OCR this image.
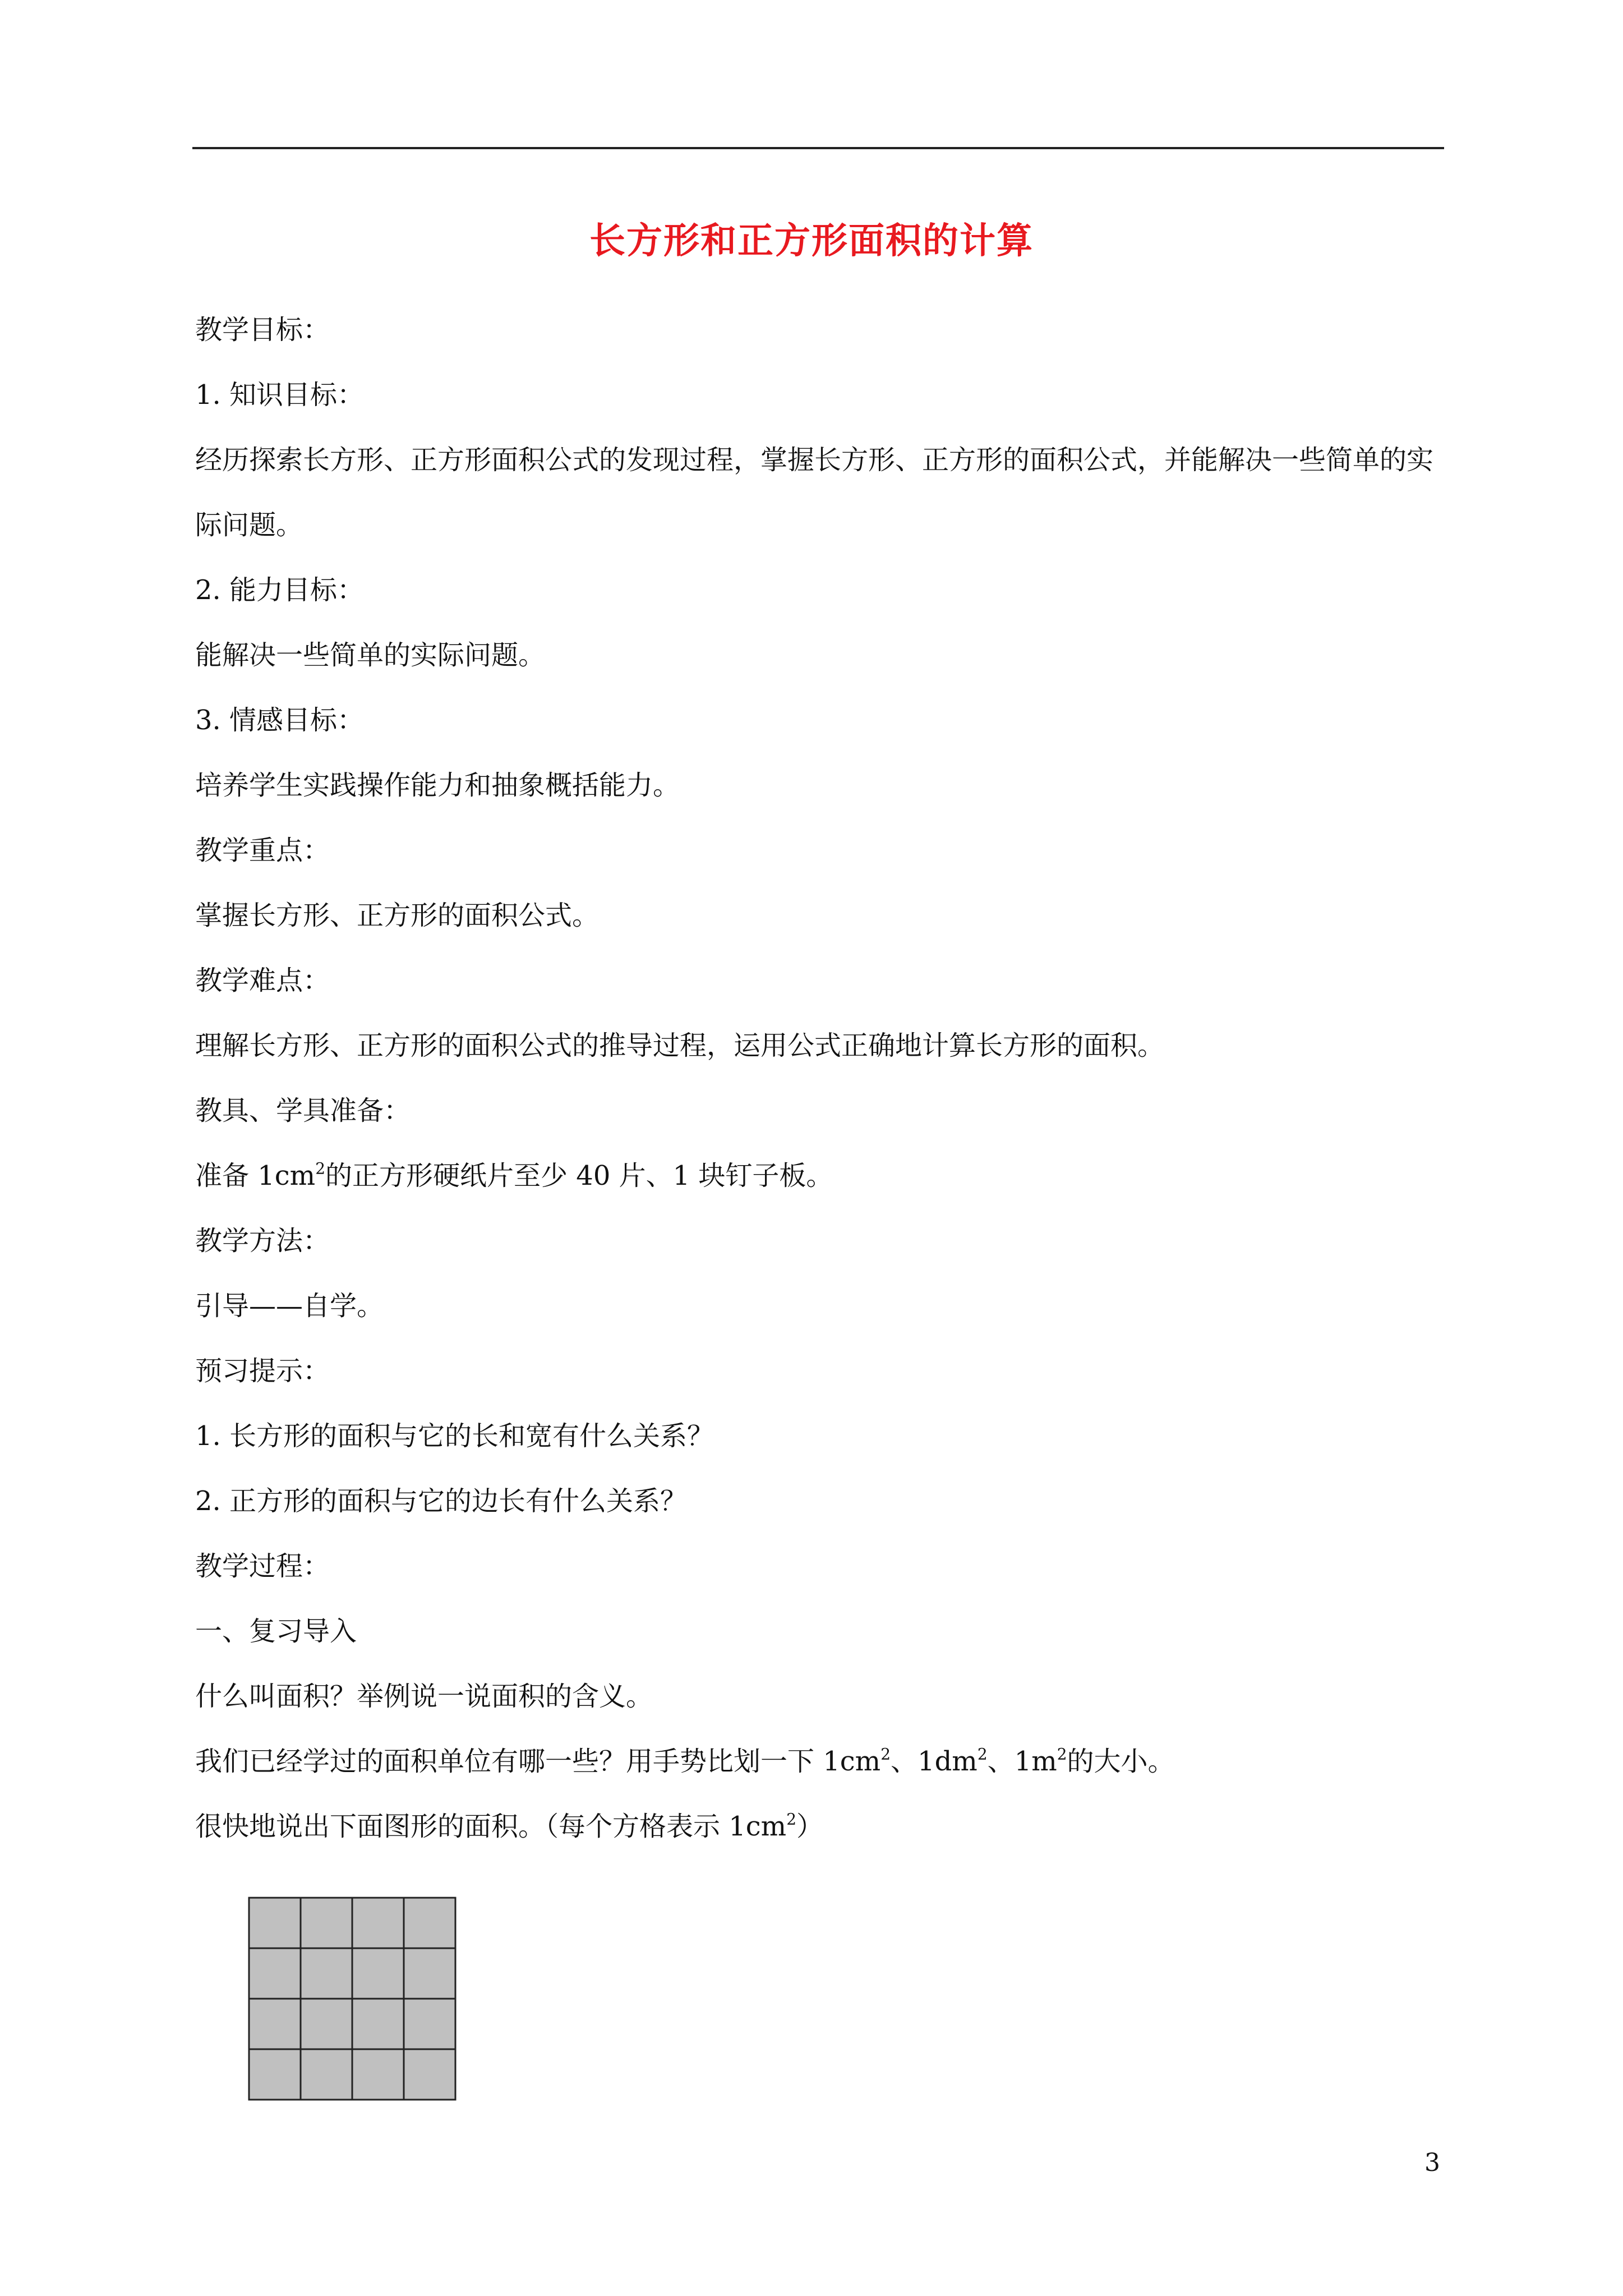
长方形和正方形面积的计算
教学目标：
1. 知识目标：
经历探索长方形、正方形面积公式的发现过程，掌握长方形、正方形的面积公式，并能解决一些简单的实际问题。
2. 能力目标：
能解决一些简单的实际问题。
3. 情感目标：
培养学生实践操作能力和抽象概括能力。
教学重点：
掌握长方形、正方形的面积公式。
教学难点：
理解长方形、正方形的面积公式的推导过程，运用公式正确地计算长方形的面积。
教具、学具准备：
准备 $1cm^2$的正方形硬纸片至少 40 片、1 块钉子板。
教学方法：
引导——自学。
预习提示：
1. 长方形的面积与它的长和宽有什么关系？
2. 正方形的面积与它的边长有什么关系？
教学过程：
一、复习导入
什么叫面积？举例说一说面积的含义。
我们已经学过的面积单位有哪一些？用手势比划一下 $1cm^2$、$1dm^2$、$1m^2$的大小。
很快地说出下面图形的面积。（每个方格表示 $1cm^2$）
3
